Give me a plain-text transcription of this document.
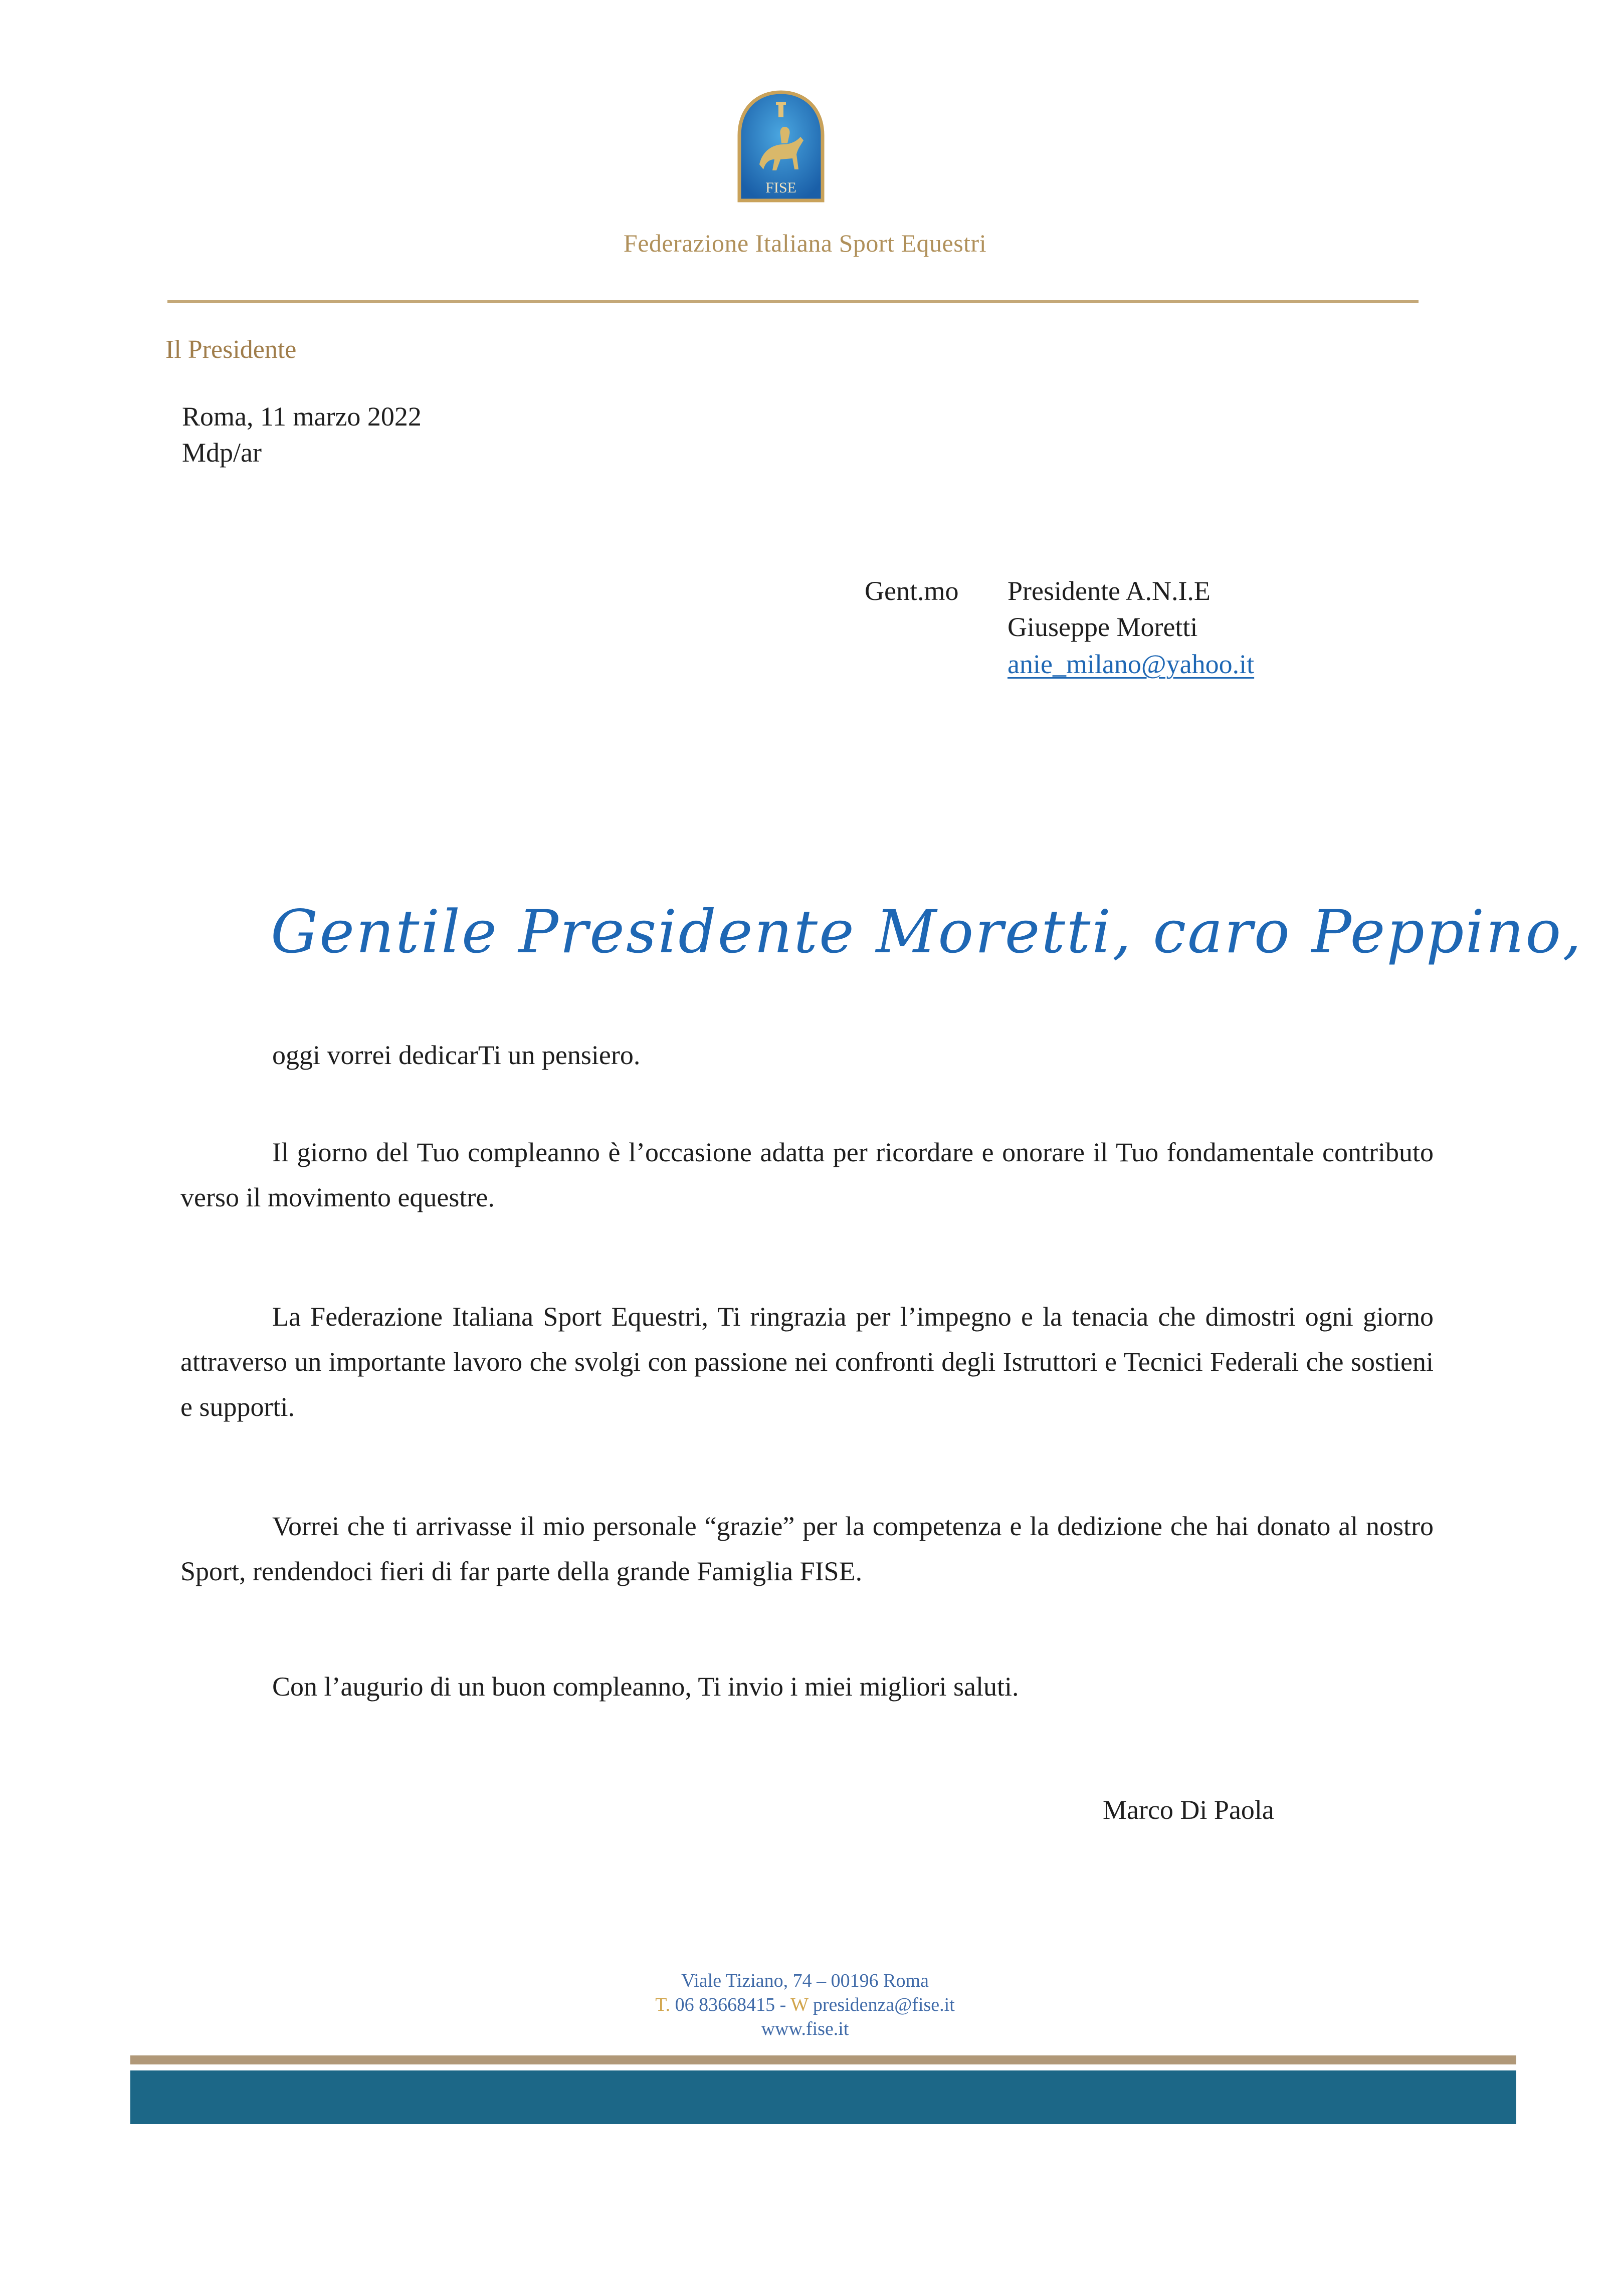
FISE
Federazione Italiana Sport Equestri
Il Presidente
Roma, 11 marzo 2022
Mdp/ar
Gent.mo Presidente A.N.I.E
Giuseppe Moretti
anie_milano@yahoo.it
Gentile Presidente Moretti, caro Peppino,
oggi vorrei dedicarTi un pensiero.
Il giorno del Tuo compleanno è l’occasione adatta per ricordare e onorare il Tuo fondamentale contributo verso il movimento equestre.
La Federazione Italiana Sport Equestri, Ti ringrazia per l’impegno e la tenacia che dimostri ogni giorno attraverso un importante lavoro che svolgi con passione nei confronti degli Istruttori e Tecnici Federali che sostieni e supporti.
Vorrei che ti arrivasse il mio personale “grazie” per la competenza e la dedizione che hai donato al nostro Sport, rendendoci fieri di far parte della grande Famiglia FISE.
Con l’augurio di un buon compleanno, Ti invio i miei migliori saluti.
Marco Di Paola
Viale Tiziano, 74 – 00196 Roma
T. 06 83668415 - W presidenza@fise.it
www.fise.it
